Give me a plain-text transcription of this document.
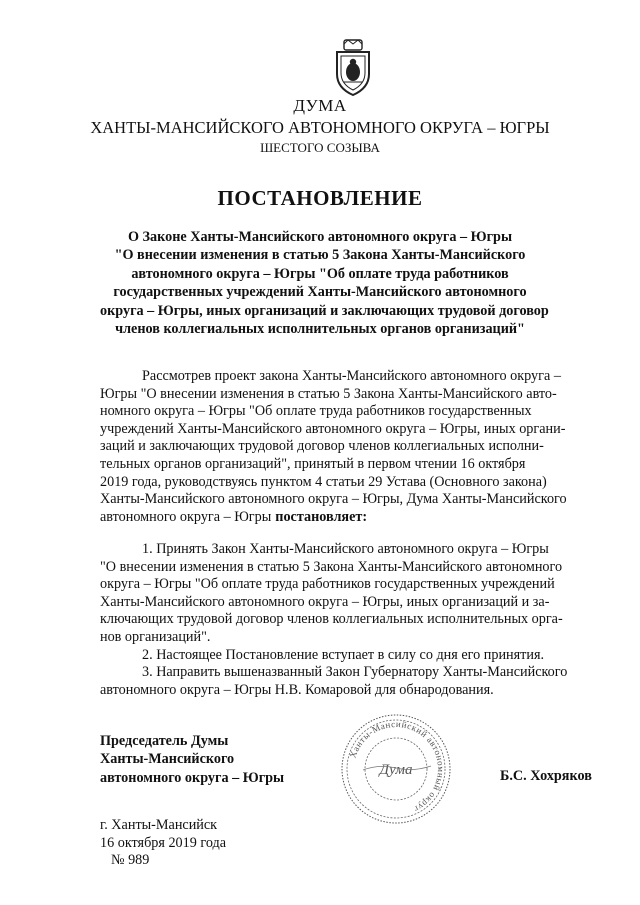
ДУМА
ХАНТЫ-МАНСИЙСКОГО АВТОНОМНОГО ОКРУГА – ЮГРЫ
ШЕСТОГО СОЗЫВА
ПОСТАНОВЛЕНИЕ
О Законе Ханты-Мансийского автономного округа – Югры
"О внесении изменения в статью 5 Закона Ханты-Мансийского
автономного округа – Югры "Об оплате труда работников
государственных учреждений Ханты-Мансийского автономного
округа – Югры, иных организаций и заключающих трудовой договор
членов коллегиальных исполнительных органов организаций"
Рассмотрев проект закона Ханты-Мансийского автономного округа –
Югры "О внесении изменения в статью 5 Закона Ханты-Мансийского авто-
номного округа – Югры "Об оплате труда работников государственных
учреждений Ханты-Мансийского автономного округа – Югры, иных органи-
заций и заключающих трудовой договор членов коллегиальных исполни-
тельных органов организаций", принятый в первом чтении 16 октября
2019 года, руководствуясь пунктом 4 статьи 29 Устава (Основного закона)
Ханты-Мансийского автономного округа – Югры, Дума Ханты-Мансийского
автономного округа – Югры постановляет:
1. Принять Закон Ханты-Мансийского автономного округа – Югры
"О внесении изменения в статью 5 Закона Ханты-Мансийского автономного
округа – Югры "Об оплате труда работников государственных учреждений
Ханты-Мансийского автономного округа – Югры, иных организаций и за-
ключающих трудовой договор членов коллегиальных исполнительных орга-
нов организаций".
2. Настоящее Постановление вступает в силу со дня его принятия.
3. Направить вышеназванный Закон Губернатору Ханты-Мансийского
автономного округа – Югры Н.В. Комаровой для обнародования.
Председатель Думы
Ханты-Мансийского
автономного округа – Югры
Ханты-Мансийский автономный округ
Дума	Б.С. Хохряков
г. Ханты-Мансийск
16 октября 2019 года
№ 989
